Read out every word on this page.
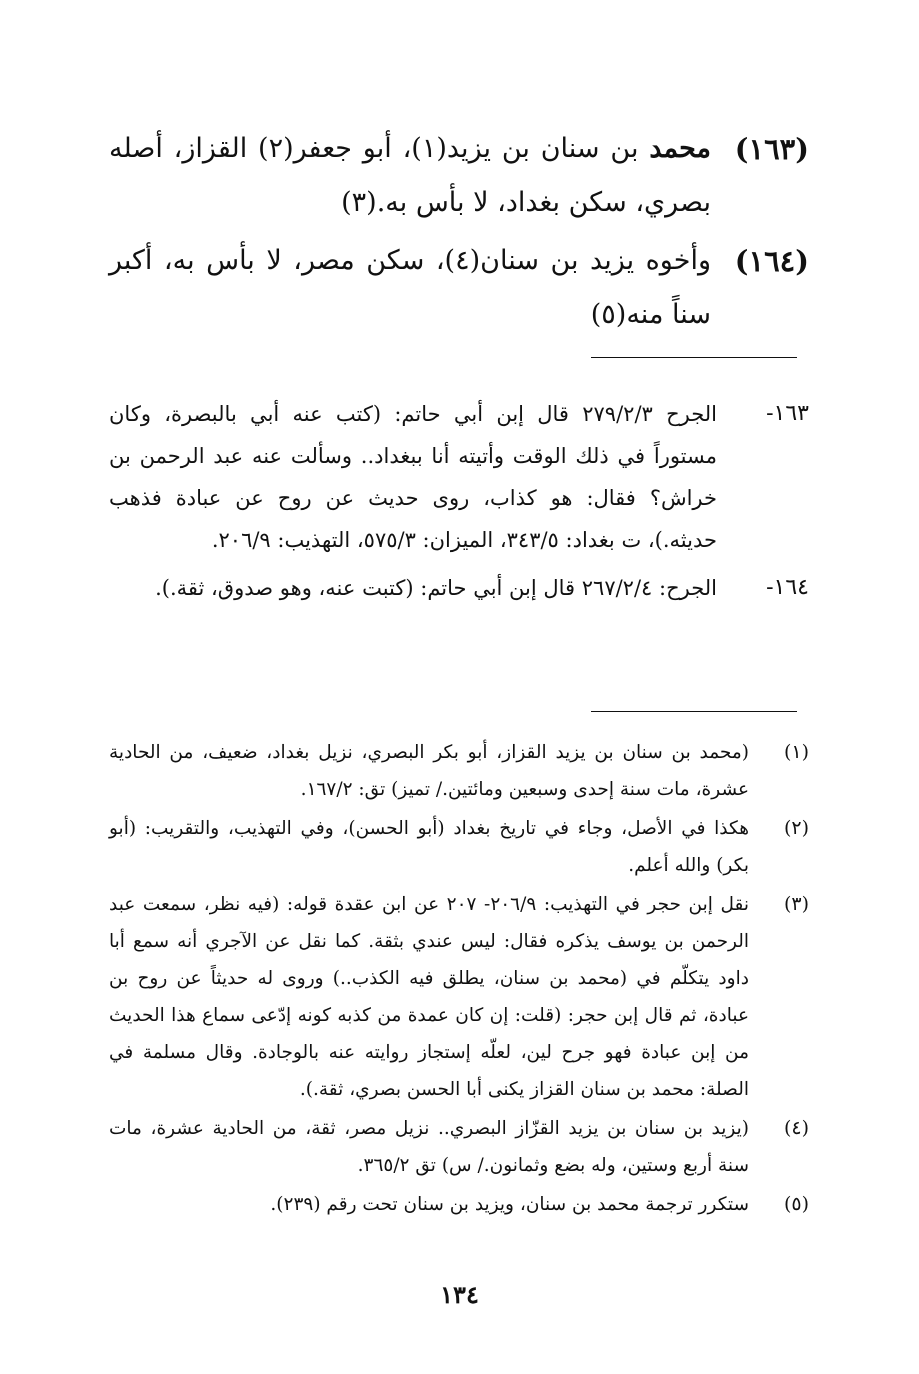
(١٦٣)
محمد بن سنان بن يزيد(١)، أبو جعفر(٢) القزاز، أصله بصري، سكن بغداد، لا بأس به.(٣)
(١٦٤)
وأخوه يزيد بن سنان(٤)، سكن مصر، لا بأس به، أكبر سناً منه(٥)
١٦٣-
الجرح ٢٧٩/٢/٣ قال إبن أبي حاتم: (كتب عنه أبي بالبصرة، وكان مستوراً في ذلك الوقت وأتيته أنا ببغداد.. وسألت عنه عبد الرحمن بن خراش؟ فقال: هو كذاب، روى حديث عن روح عن عبادة فذهب حديثه.)، ت بغداد: ٣٤٣/٥، الميزان: ٥٧٥/٣، التهذيب: ٢٠٦/٩.
١٦٤-
الجرح: ٢٦٧/٢/٤ قال إبن أبي حاتم: (كتبت عنه، وهو صدوق، ثقة.).
(١)
(محمد بن سنان بن يزيد القزاز، أبو بكر البصري، نزيل بغداد، ضعيف، من الحادية عشرة، مات سنة إحدى وسبعين ومائتين./ تميز) تق: ١٦٧/٢.
(٢)
هكذا في الأصل، وجاء في تاريخ بغداد (أبو الحسن)، وفي التهذيب، والتقريب: (أبو بكر) والله أعلم.
(٣)
نقل إبن حجر في التهذيب: ٢٠٦/٩- ٢٠٧ عن ابن عقدة قوله: (فيه نظر، سمعت عبد الرحمن بن يوسف يذكره فقال: ليس عندي بثقة. كما نقل عن الآجري أنه سمع أبا داود يتكلّم في (محمد بن سنان، يطلق فيه الكذب..) وروى له حديثاً عن روح بن عبادة، ثم قال إبن حجر: (قلت: إن كان عمدة من كذبه كونه إدّعى سماع هذا الحديث من إبن عبادة فهو جرح لين، لعلّه إستجاز روايته عنه بالوجادة. وقال مسلمة في الصلة: محمد بن سنان القزاز يكنى أبا الحسن بصري، ثقة.).
(٤)
(يزيد بن سنان بن يزيد القزّاز البصري.. نزيل مصر، ثقة، من الحادية عشرة، مات سنة أربع وستين، وله بضع وثمانون./ س) تق ٣٦٥/٢.
(٥)
ستكرر ترجمة محمد بن سنان، ويزيد بن سنان تحت رقم (٢٣٩).
١٣٤
